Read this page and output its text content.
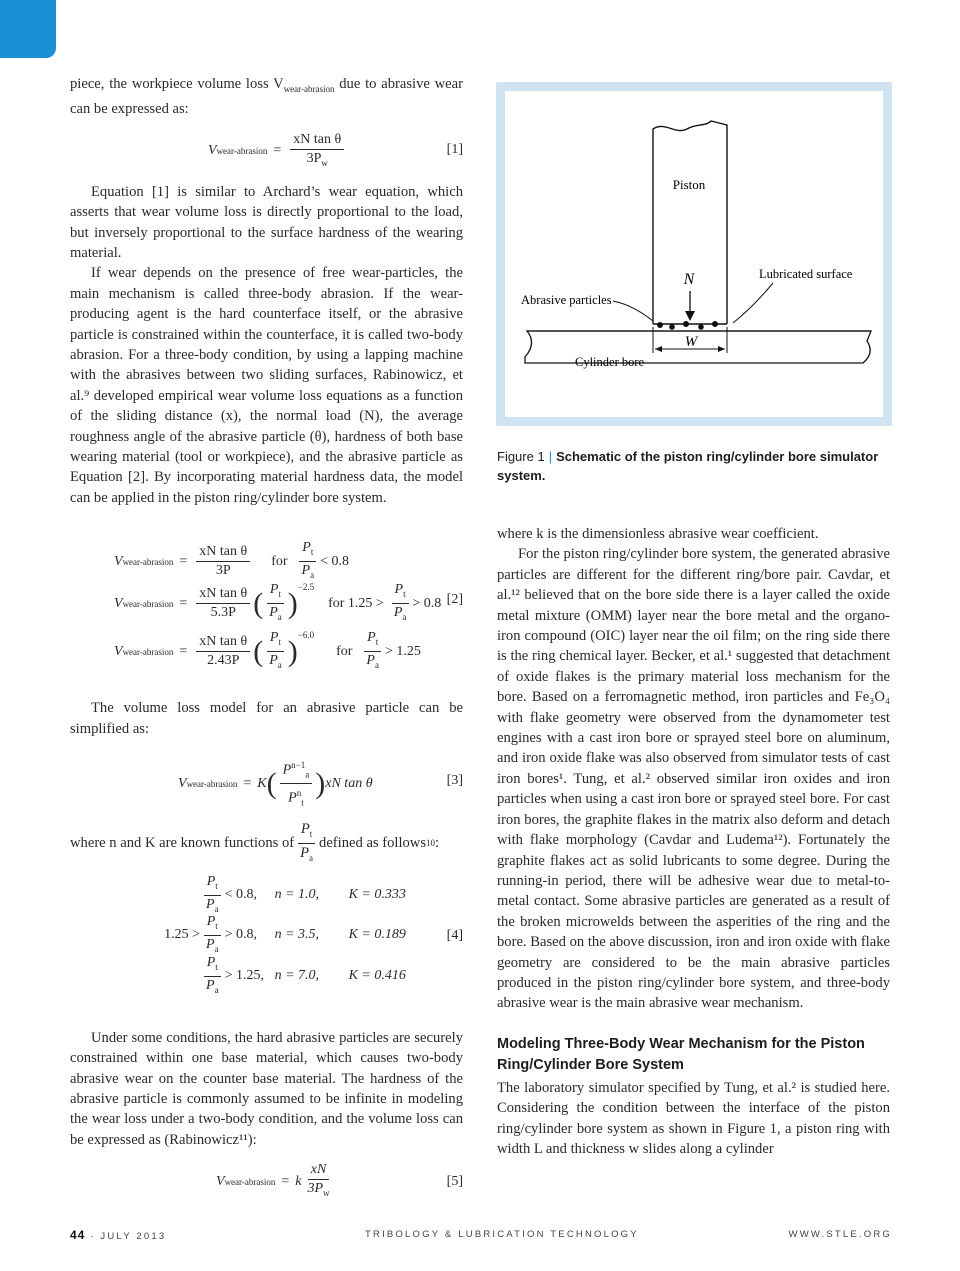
piece, the workpiece volume loss $V_{wear-abrasion}$ due to abrasive wear can be expressed as:

V wear-abrasion = $\frac{\text{xN tan θ}}{3P_w}$	[1]

Equation [1] is similar to Archard’s wear equation, which asserts that wear volume loss is directly proportional to the load, but inversely proportional to the surface hardness of the wearing material.

If wear depends on the presence of free wear-particles, the main mechanism is called three-body abrasion. If the wear-producing agent is the hard counterface itself, or the abrasive particle is constrained within the counterface, it is called two-body abrasion. For a three-body condition, by using a lapping machine with the abrasives between two sliding surfaces, Rabinowicz, et al.⁹ developed empirical wear volume loss equations as a function of the sliding distance (x), the normal load (N), the average roughness angle of the abrasive particle (θ), hardness of both base wearing material (tool or workpiece), and the abrasive particle as Equation [2]. By incorporating material hardness data, the model can be applied in the piston ring/cylinder bore system.

V wear-abrasion = $\frac{\text{xN tan θ}}{3P}$ for $\frac{P_t}{P_a} < 0.8$
V wear-abrasion = $\frac{\text{xN tan θ}}{5.3P}$ ( $\frac{P_t}{P_a} )^{-2.5}$
for $1.25 > \frac{P_t}{P_a} > 0.8$
V wear-abrasion = $\frac{\text{xN tan θ}}{2.43P}$ ( $\frac{P_t}{P_a} )^{-6.0}$
for $\frac{P_t}{P_a} > 1.25$
[2]

The volume loss model for an abrasive particle can be simplified as:

V wear-abrasion = K ( $\frac{P^{n-1}_a}{P^n_t}$ ) xN tan θ	[3]

where n and K are known functions of $\frac{P_t}{P_a}$ defined as follows 10 :

$\frac{P_t}{P_a} < 0.8$,	n = 1.0,	K = 0.333
$1.25 > \frac{P_t}{P_a} > 0.8$,	n = 3.5,	K = 0.189
$\frac{P_t}{P_a} > 1.25$, n = 7.0,	K = 0.416
[4]

Under some conditions, the hard abrasive particles are securely constrained within one base material, which causes two-body abrasive wear on the counter base material. The hardness of the abrasive particle is commonly assumed to be infinite in modeling the wear loss under a two-body condition, and the volume loss can be expressed as (Rabinowicz¹¹):

V wear-abrasion = k $\frac{xN}{3P_w}$	[5]
Piston
N	Lubricated surface
Abrasive particles
W
Cylinder bore
Figure 1 | Schematic of the piston ring/cylinder bore simulator system.

where k is the dimensionless abrasive wear coefficient.

For the piston ring/cylinder bore system, the generated abrasive particles are different for the different ring/bore pair. Cavdar, et al.¹² believed that on the bore side there is a layer called the oxide metal mixture (OMM) layer near the bore metal and the organo-iron compound (OIC) layer near the oil film; on the ring side there is the ring chemical layer. Becker, et al.¹ suggested that detachment of oxide flakes is the primary material loss mechanism for the bore. Based on a ferromagnetic method, iron particles and Fe₃O₄ with flake geometry were observed from the dynamometer test engines with a cast iron bore or sprayed steel bore on aluminum, and iron oxide flake was also observed from simulator tests of cast iron bores¹. Tung, et al.² observed similar iron oxides and iron particles when using a cast iron bore or sprayed steel bore. For cast iron bores, the graphite flakes in the matrix also deform and detach with flake morphology (Cavdar and Ludema¹²). Fortunately the graphite flakes act as solid lubricants to some degree. During the running-in period, there will be adhesive wear due to metal-to-metal contact. Some abrasive particles are generated as a result of the broken microwelds between the asperities of the ring and the bore. Based on the above discussion, iron and iron oxide with flake geometry are considered to be the main abrasive particles produced in the piston ring/cylinder bore system, and three-body abrasive wear is the main abrasive wear mechanism.

Modeling Three-Body Wear Mechanism for the Piston Ring/Cylinder Bore System

The laboratory simulator specified by Tung, et al.² is studied here. Considering the condition between the interface of the piston ring/cylinder bore system as shown in Figure 1, a piston ring with width L and thickness w slides along a cylinder

44 · JULY 2013	TRIBOLOGY & LUBRICATION TECHNOLOGY	WWW.STLE.ORG
